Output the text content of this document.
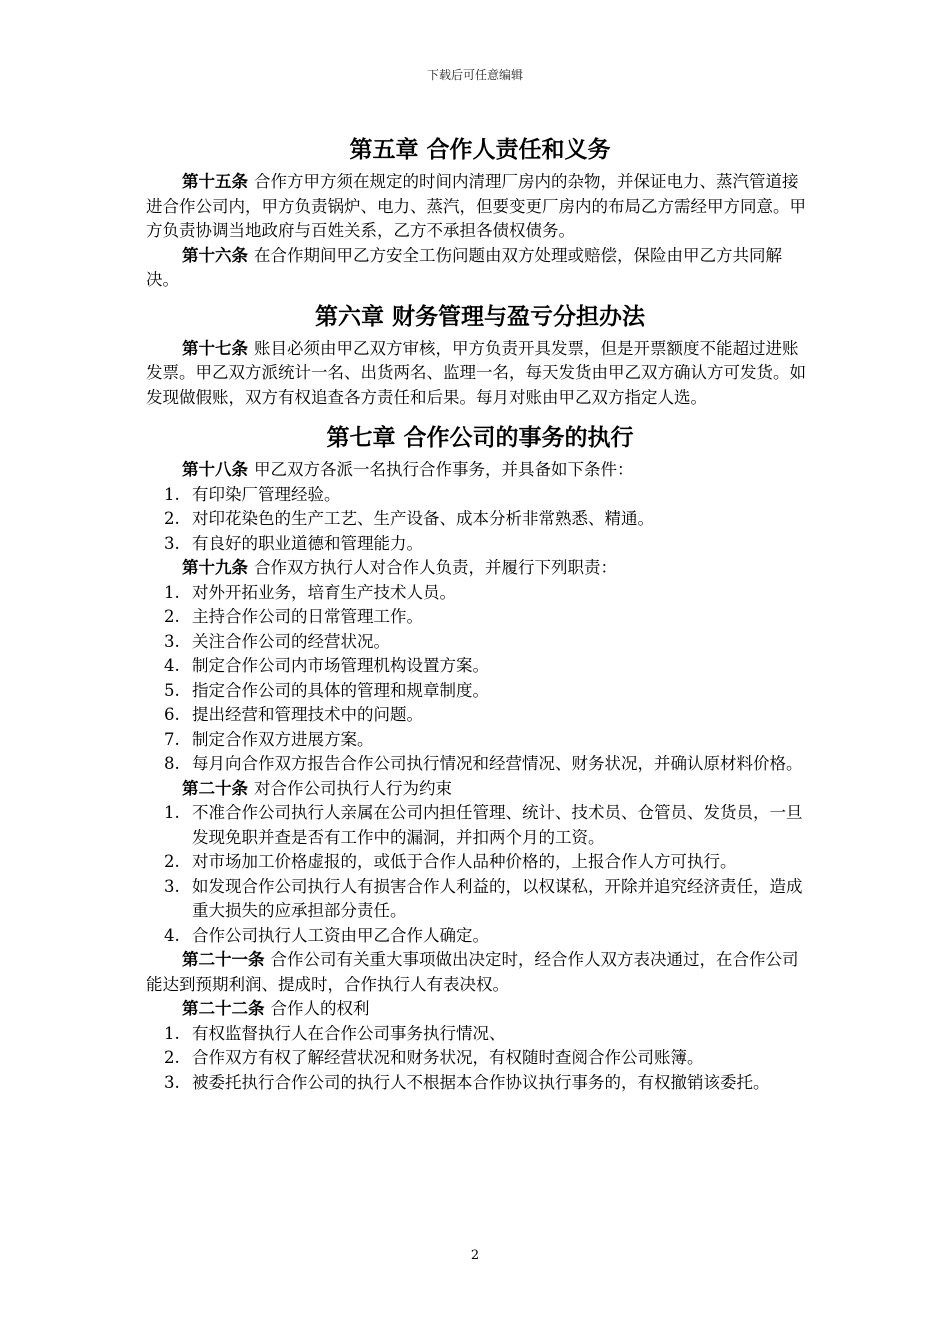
下载后可任意编辑
第五章 合作人责任和义务

第十五条 合作方甲方须在规定的时间内清理厂房内的杂物，并保证电力、蒸汽管道接进合作公司内，甲方负责锅炉、电力、蒸汽，但要变更厂房内的布局乙方需经甲方同意。甲方负责协调当地政府与百姓关系，乙方不承担各债权债务。

第十六条 在合作期间甲乙方安全工伤问题由双方处理或赔偿，保险由甲乙方共同解决。

第六章 财务管理与盈亏分担办法

第十七条 账目必须由甲乙双方审核，甲方负责开具发票，但是开票额度不能超过进账发票。甲乙双方派统计一名、出货两名、监理一名，每天发货由甲乙双方确认方可发货。如发现做假账，双方有权追查各方责任和后果。每月对账由甲乙双方指定人选。

第七章 合作公司的事务的执行

第十八条 甲乙双方各派一名执行合作事务，并具备如下条件：

1. 有印染厂管理经验。
2. 对印花染色的生产工艺、生产设备、成本分析非常熟悉、精通。
3. 有良好的职业道德和管理能力。

第十九条 合作双方执行人对合作人负责，并履行下列职责：

1. 对外开拓业务，培育生产技术人员。
2. 主持合作公司的日常管理工作。
3. 关注合作公司的经营状况。
4. 制定合作公司内市场管理机构设置方案。
5. 指定合作公司的具体的管理和规章制度。
6. 提出经营和管理技术中的问题。
7. 制定合作双方进展方案。
8. 每月向合作双方报告合作公司执行情况和经营情况、财务状况，并确认原材料价格。

第二十条 对合作公司执行人行为约束

1. 不准合作公司执行人亲属在公司内担任管理、统计、技术员、仓管员、发货员，一旦发现免职并查是否有工作中的漏洞，并扣两个月的工资。
2. 对市场加工价格虚报的，或低于合作人品种价格的，上报合作人方可执行。
3. 如发现合作公司执行人有损害合作人利益的，以权谋私，开除并追究经济责任，造成重大损失的应承担部分责任。
4. 合作公司执行人工资由甲乙合作人确定。

第二十一条 合作公司有关重大事项做出决定时，经合作人双方表决通过，在合作公司能达到预期利润、提成时，合作执行人有表决权。

第二十二条 合作人的权利

1. 有权监督执行人在合作公司事务执行情况、
2. 合作双方有权了解经营状况和财务状况，有权随时查阅合作公司账簿。
3. 被委托执行合作公司的执行人不根据本合作协议执行事务的，有权撤销该委托。
2
